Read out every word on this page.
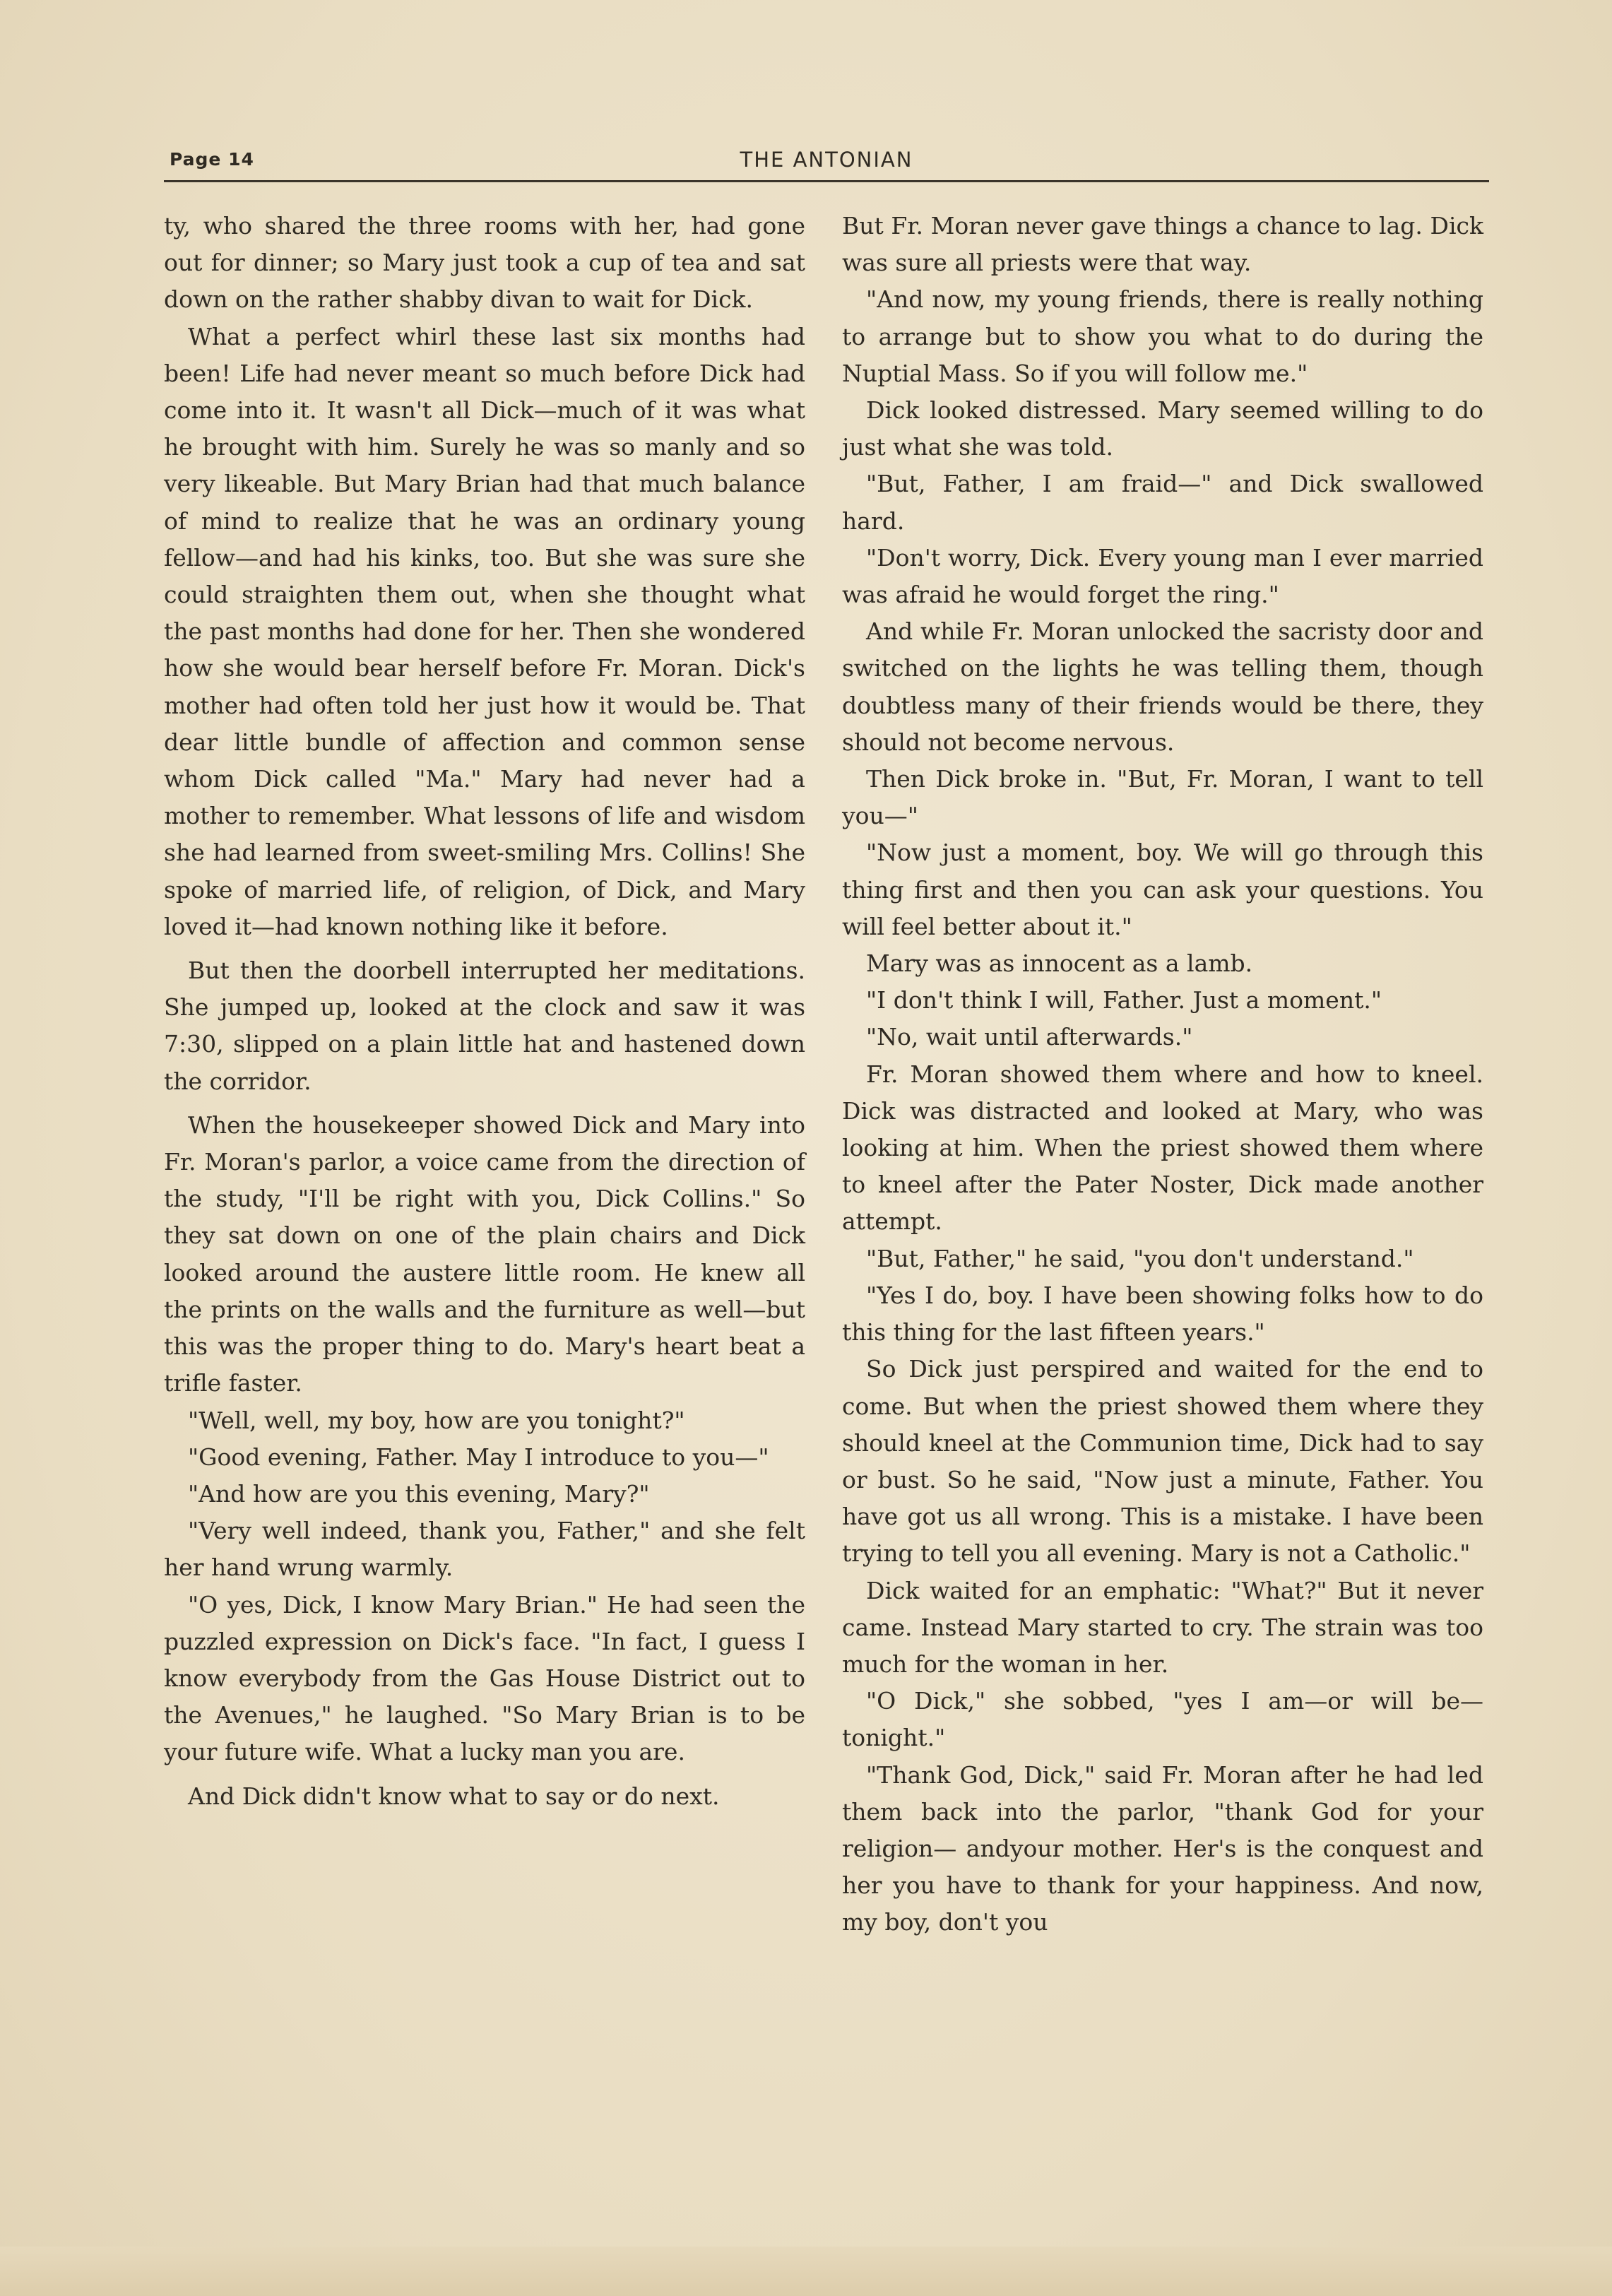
Page 14	THE ANTONIAN

ty, who shared the three rooms with her, had gone out for dinner; so Mary just took a cup of tea and sat down on the rather shabby divan to wait for Dick.

What a perfect whirl these last six months had been! Life had never meant so much before Dick had come into it. It wasn't all Dick—much of it was what he brought with him. Surely he was so manly and so very likeable. But Mary Brian had that much balance of mind to realize that he was an ordinary young fellow—and had his kinks, too. But she was sure she could straighten them out, when she thought what the past months had done for her. Then she wondered how she would bear herself before Fr. Moran. Dick's mother had often told her just how it would be. That dear little bundle of affection and common sense whom Dick called "Ma." Mary had never had a mother to remember. What lessons of life and wisdom she had learned from sweet-smiling Mrs. Collins! She spoke of married life, of religion, of Dick, and Mary loved it—had known nothing like it before.

But then the doorbell interrupted her meditations. She jumped up, looked at the clock and saw it was 7:30, slipped on a plain little hat and hastened down the corridor.

When the housekeeper showed Dick and Mary into Fr. Moran's parlor, a voice came from the direction of the study, "I'll be right with you, Dick Collins." So they sat down on one of the plain chairs and Dick looked around the austere little room. He knew all the prints on the walls and the furniture as well—but this was the proper thing to do. Mary's heart beat a trifle faster.

"Well, well, my boy, how are you tonight?"

"Good evening, Father. May I introduce to you—"

"And how are you this evening, Mary?"

"Very well indeed, thank you, Father," and she felt her hand wrung warmly.

"O yes, Dick, I know Mary Brian." He had seen the puzzled expression on Dick's face. "In fact, I guess I know everybody from the Gas House District out to the Avenues," he laughed. "So Mary Brian is to be your future wife. What a lucky man you are.

And Dick didn't know what to say or do next.

But Fr. Moran never gave things a chance to lag. Dick was sure all priests were that way.

"And now, my young friends, there is really nothing to arrange but to show you what to do during the Nuptial Mass. So if you will follow me."

Dick looked distressed. Mary seemed willing to do just what she was told.

"But, Father, I am fraid—" and Dick swallowed hard.

"Don't worry, Dick. Every young man I ever married was afraid he would forget the ring."

And while Fr. Moran unlocked the sacristy door and switched on the lights he was telling them, though doubtless many of their friends would be there, they should not become nervous.

Then Dick broke in. "But, Fr. Moran, I want to tell you—"

"Now just a moment, boy. We will go through this thing first and then you can ask your questions. You will feel better about it."

Mary was as innocent as a lamb.

"I don't think I will, Father. Just a moment."

"No, wait until afterwards."

Fr. Moran showed them where and how to kneel. Dick was distracted and looked at Mary, who was looking at him. When the priest showed them where to kneel after the Pater Noster, Dick made another attempt.

"But, Father," he said, "you don't understand."

"Yes I do, boy. I have been showing folks how to do this thing for the last fifteen years."

So Dick just perspired and waited for the end to come. But when the priest showed them where they should kneel at the Communion time, Dick had to say or bust. So he said, "Now just a minute, Father. You have got us all wrong. This is a mistake. I have been trying to tell you all evening. Mary is not a Catholic."

Dick waited for an emphatic: "What?" But it never came. Instead Mary started to cry. The strain was too much for the woman in her.

"O Dick," she sobbed, "yes I am—or will be—tonight."

"Thank God, Dick," said Fr. Moran after he had led them back into the parlor, "thank God for your religion— andyour mother. Her's is the conquest and her you have to thank for your happiness. And now, my boy, don't you
